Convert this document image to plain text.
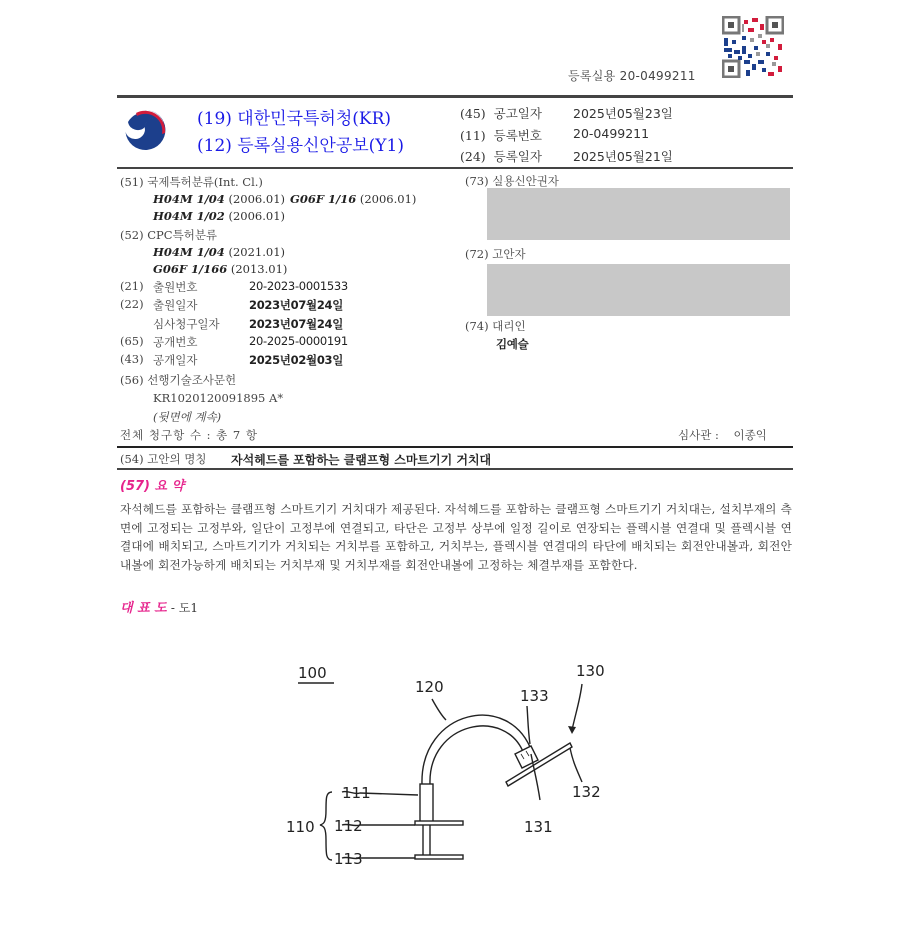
등록실용 20-0499211
(19) 대한민국특허청(KR)
(12) 등록실용신안공보(Y1)
(45) 공고일자 2025년05월23일
(11) 등록번호 20-0499211
(24) 등록일자 2025년05월21일
(51) 국제특허분류(Int. Cl.)
H04M 1/04 (2006.01) G06F 1/16 (2006.01)
H04M 1/02 (2006.01)
(52) CPC특허분류
H04M 1/04 (2021.01)
G06F 1/166 (2013.01)
(21) 출원번호	20-2023-0001533
(22) 출원일자	2023년07월24일
심사청구일자	2023년07월24일
(65) 공개번호	20-2025-0000191
(43) 공개일자	2025년02월03일
(56) 선행기술조사문헌
KR1020120091895 A*
(뒷면에 계속)
전체 청구항 수 : 총 7 항
(73) 실용신안권자
(72) 고안자
(74) 대리인
김예슬
심사관 :    이종익
(54) 고안의 명칭 자석헤드를 포함하는 클램프형 스마트기기 거치대
(57) 요 약
자석헤드를 포함하는 클램프형 스마트기기 거치대가 제공된다. 자석헤드를 포함하는 클램프형 스마트기기 거치대는, 설치부재의 측면에 고정되는 고정부와, 일단이 고정부에 연결되고, 타단은 고정부 상부에 일정 길이로 연장되는 플렉시블 연결대 및 플렉시블 연결대에 배치되고, 스마트기기가 거치되는 거치부를 포함하고, 거치부는, 플렉시블 연결대의 타단에 배치되는 회전안내볼과, 회전안내볼에 회전가능하게 배치되는 거치부재 및 거치부재를 회전안내볼에 고정하는 체결부재를 포함한다.
대 표 도 - 도1
100
110
111
112
113
120
130
131
132
133
